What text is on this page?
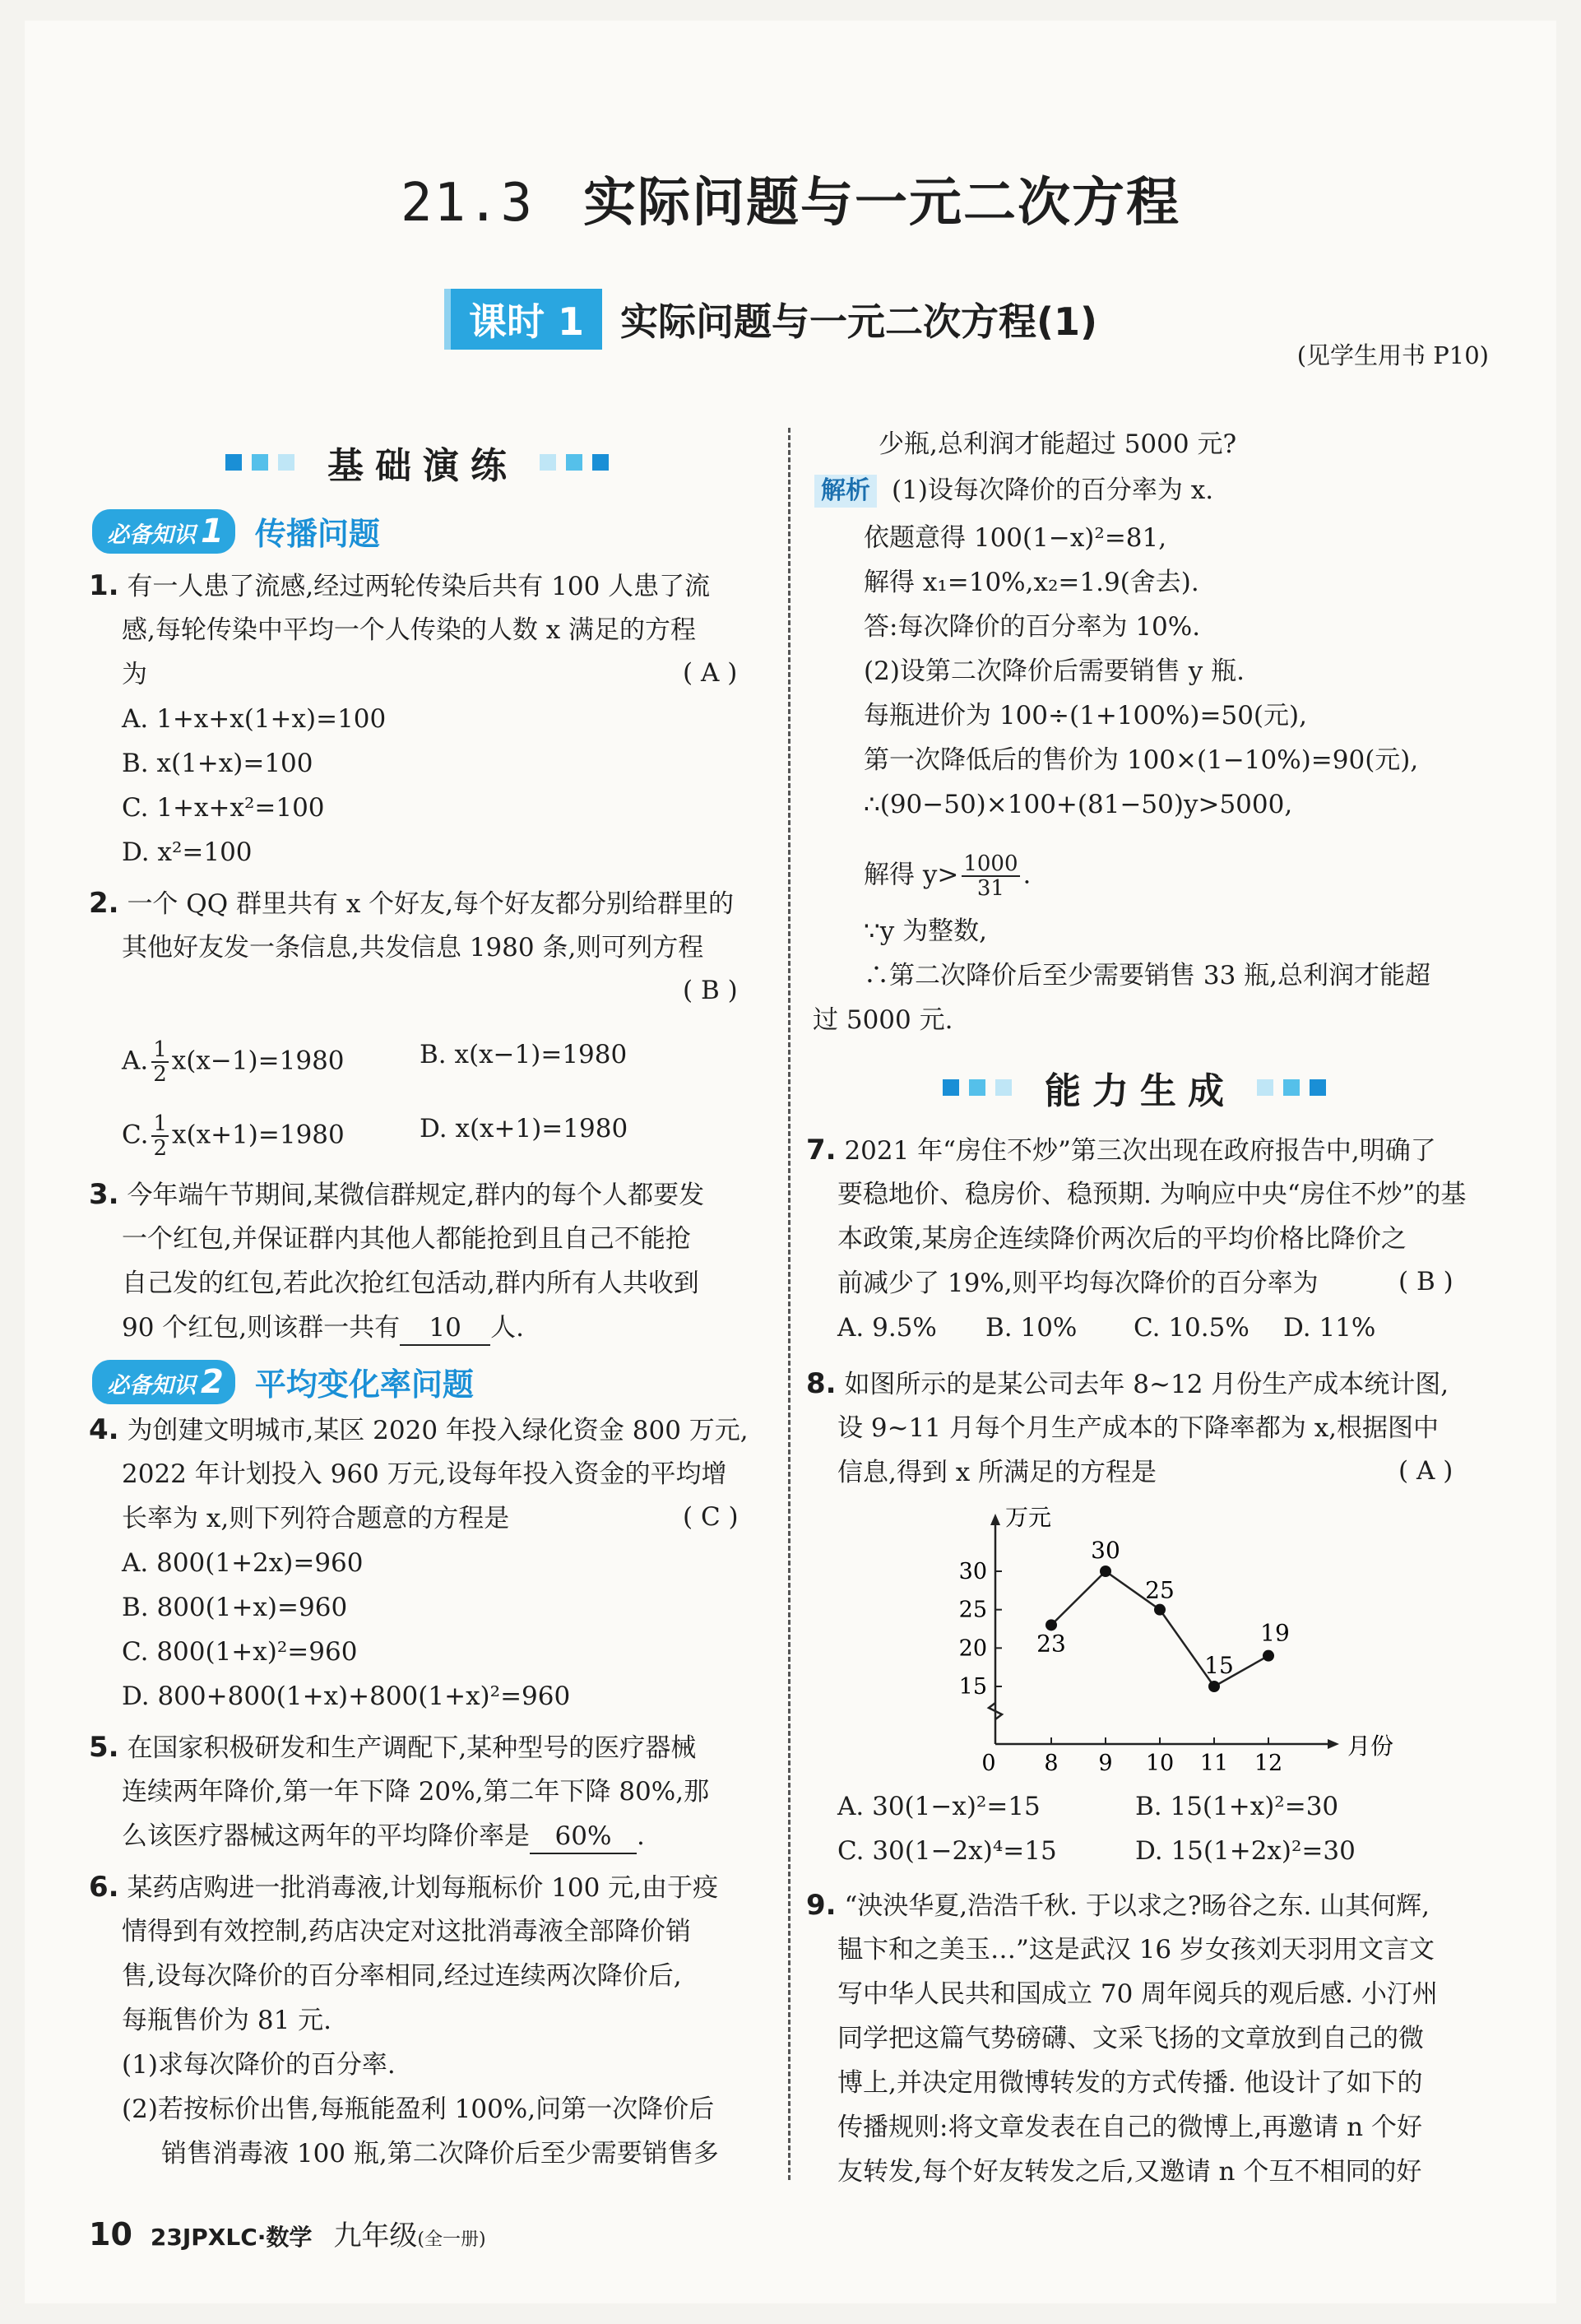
21.3 实际问题与一元二次方程
课时 1 实际问题与一元二次方程(1)
(见学生用书 P10)
基础演练
必备知识 1	传播问题
1. 有一人患了流感,经过两轮传染后共有 100 人患了流
感,每轮传染中平均一个人传染的人数 x 满足的方程
为	( A )
A. 1+x+x(1+x)=100
B. x(1+x)=100
C. 1+x+x²=100
D. x²=100
2. 一个 QQ 群里共有 x 个好友,每个好友都分别给群里的
其他好友发一条信息,共发信息 1980 条,则可列方程
( B )
A. $\frac{1}{2} x(x-1)=1980$	B. x(x−1)=1980
C. $\frac{1}{2} x(x+1)=1980$	D. x(x+1)=1980
3. 今年端午节期间,某微信群规定,群内的每个人都要发
一个红包,并保证群内其他人都能抢到且自己不能抢
自己发的红包,若此次抢红包活动,群内所有人共收到
90 个红包,则该群一共有 10 人.
必备知识 2	平均变化率问题
4. 为创建文明城市,某区 2020 年投入绿化资金 800 万元,
2022 年计划投入 960 万元,设每年投入资金的平均增
长率为 x,则下列符合题意的方程是	( C )
A. 800(1+2x)=960
B. 800(1+x)=960
C. 800(1+x)²=960
D. 800+800(1+x)+800(1+x)²=960
5. 在国家积极研发和生产调配下,某种型号的医疗器械
连续两年降价,第一年下降 20%,第二年下降 80%,那
么该医疗器械这两年的平均降价率是 60% .
6. 某药店购进一批消毒液,计划每瓶标价 100 元,由于疫
情得到有效控制,药店决定对这批消毒液全部降价销
售,设每次降价的百分率相同,经过连续两次降价后,
每瓶售价为 81 元.
(1)求每次降价的百分率.
(2)若按标价出售,每瓶能盈利 100%,问第一次降价后
销售消毒液 100 瓶,第二次降价后至少需要销售多
少瓶,总利润才能超过 5000 元?
解析 (1)设每次降价的百分率为 x.
依题意得 100(1−x)²=81,
解得 x₁=10%,x₂=1.9(舍去).
答:每次降价的百分率为 10%.
(2)设第二次降价后需要销售 y 瓶.
每瓶进价为 100÷(1+100%)=50(元),
第一次降低后的售价为 100×(1−10%)=90(元),
∴(90−50)×100+(81−50)y>5000,
解得 $y> \frac{1000}{31}$ .
∵y 为整数,
∴第二次降价后至少需要销售 33 瓶,总利润才能超
过 5000 元.
能力生成
7. 2021 年“房住不炒”第三次出现在政府报告中,明确了
要稳地价、稳房价、稳预期. 为响应中央“房住不炒”的基
本政策,某房企连续降价两次后的平均价格比降价之
前减少了 19%,则平均每次降价的百分率为	( B )
A. 9.5% B. 10% C. 10.5% D. 11%
8. 如图所示的是某公司去年 8~12 月份生产成本统计图,
设 9~11 月每个月生产成本的下降率都为 x,根据图中
信息,得到 x 所满足的方程是	( A )
万元
月份
0 8 9 10 11 12
15
20
25
30
23
30
25
15
19
A. 30(1−x)²=15	B. 15(1+x)²=30
C. 30(1−2x)⁴=15	D. 15(1+2x)²=30
9. “泱泱华夏,浩浩千秋. 于以求之?旸谷之东. 山其何辉,
韫卞和之美玉…”这是武汉 16 岁女孩刘天羽用文言文
写中华人民共和国成立 70 周年阅兵的观后感. 小汀州
同学把这篇气势磅礴、文采飞扬的文章放到自己的微
博上,并决定用微博转发的方式传播. 他设计了如下的
传播规则:将文章发表在自己的微博上,再邀请 n 个好
友转发,每个好友转发之后,又邀请 n 个互不相同的好
10 23JPXLC·数学 九年级 (全一册)
